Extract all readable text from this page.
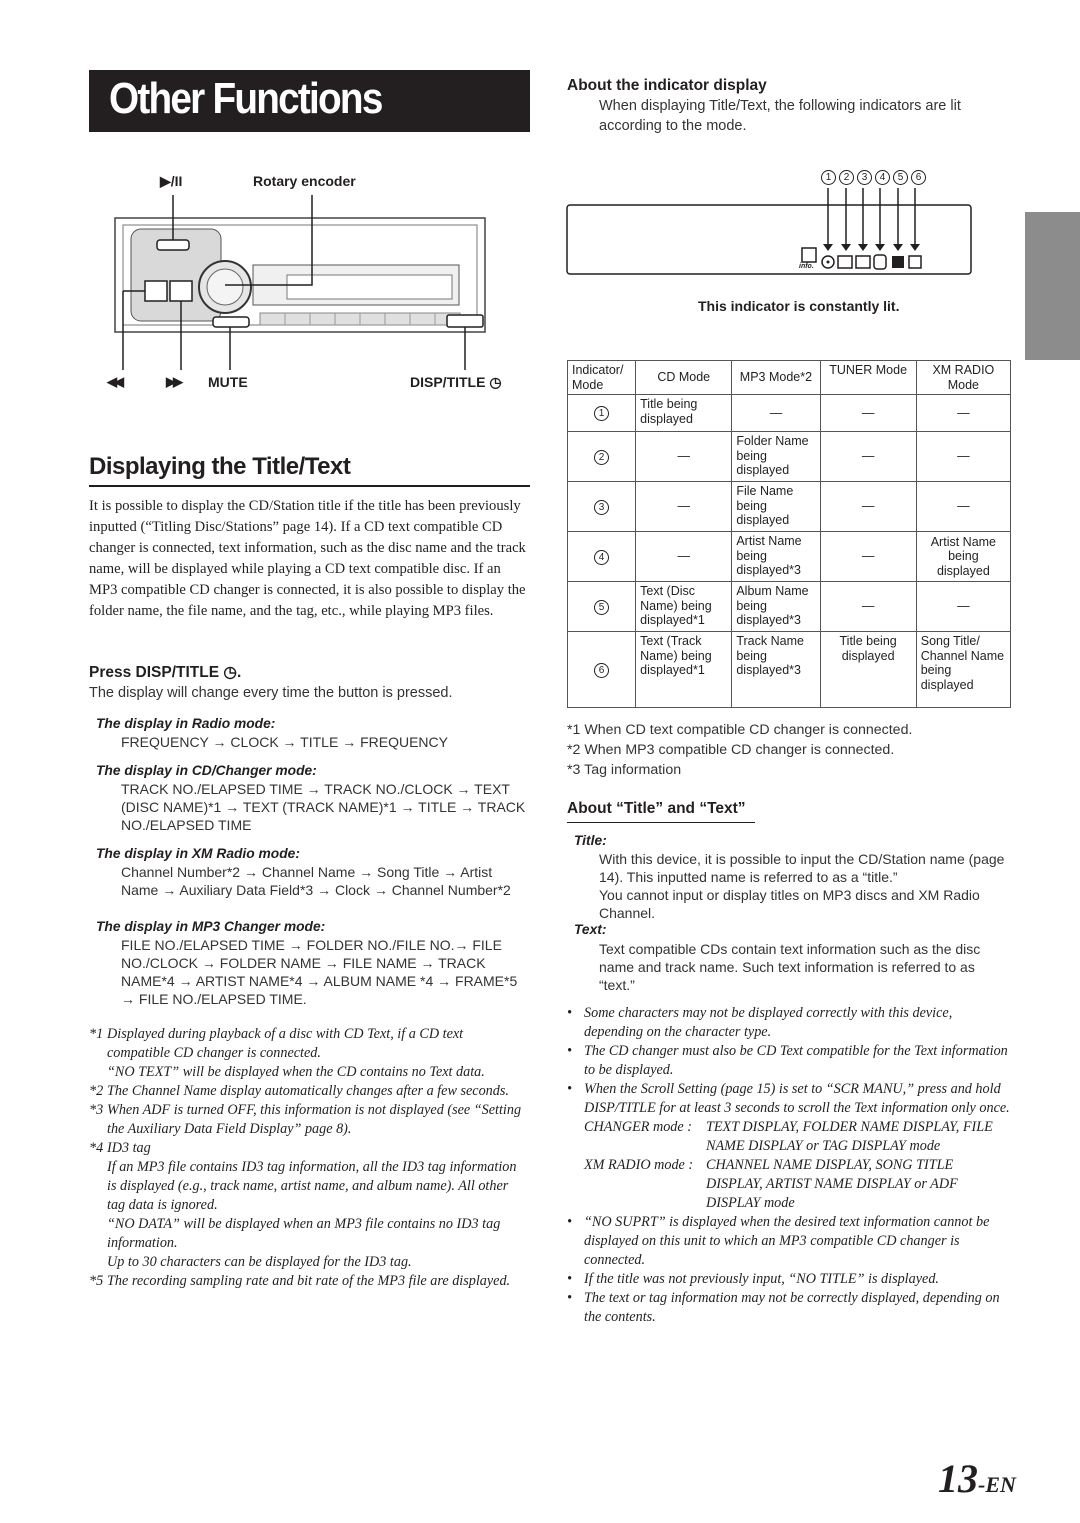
Other Functions
▶/II	Rotary encoder
◀◀	▶▶ MUTE	DISP/TITLE ◷
Displaying the Title/Text
It is possible to display the CD/Station title if the title has been previously inputted (“Titling Disc/Stations” page 14). If a CD text compatible CD changer is connected, text information, such as the disc name and the track name, will be displayed while playing a CD text compatible disc. If an MP3 compatible CD changer is connected, it is also possible to display the folder name, the file name, and the tag, etc., while playing MP3 files.
Press DISP/TITLE ◷.
The display will change every time the button is pressed.
The display in Radio mode:
FREQUENCY → CLOCK → TITLE → FREQUENCY
The display in CD/Changer mode:
TRACK NO./ELAPSED TIME → TRACK NO./CLOCK → TEXT (DISC NAME)*1 → TEXT (TRACK NAME)*1 → TITLE → TRACK NO./ELAPSED TIME
The display in XM Radio mode:
Channel Number*2 → Channel Name → Song Title → Artist Name → Auxiliary Data Field*3 → Clock → Channel Number*2
The display in MP3 Changer mode:
FILE NO./ELAPSED TIME → FOLDER NO./FILE NO.→ FILE NO./CLOCK → FOLDER NAME → FILE NAME → TRACK NAME*4 → ARTIST NAME*4 → ALBUM NAME *4 → FRAME*5 → FILE NO./ELAPSED TIME.
*1 Displayed during playback of a disc with CD Text, if a CD text compatible CD changer is connected.
“NO TEXT” will be displayed when the CD contains no Text data.
*2 The Channel Name display automatically changes after a few seconds.
*3 When ADF is turned OFF, this information is not displayed (see “Setting the Auxiliary Data Field Display” page 8).
*4 ID3 tag
If an MP3 file contains ID3 tag information, all the ID3 tag information is displayed (e.g., track name, artist name, and album name). All other tag data is ignored.
“NO DATA” will be displayed when an MP3 file contains no ID3 tag information.
Up to 30 characters can be displayed for the ID3 tag.
*5 The recording sampling rate and bit rate of the MP3 file are displayed.
About the indicator display
When displaying Title/Text, the following indicators are lit according to the mode.
1	2	3	4	5	6
info.
This indicator is constantly lit.
Indicator/ Mode	CD Mode	MP3 Mode*2	TUNER Mode	XM RADIO Mode
1	Title being displayed	—	—	—
2	—	Folder Name being displayed	—	—
3	—	File Name being displayed	—	—
4	—	Artist Name being displayed*3	—	Artist Name being displayed
5	Text (Disc Name) being displayed*1	Album Name being displayed*3	—	—
6	Text (Track Name) being displayed*1	Track Name being displayed*3	Title being displayed	Song Title/ Channel Name being displayed
*1 When CD text compatible CD changer is connected.
*2 When MP3 compatible CD changer is connected.
*3 Tag information
About “Title” and “Text”
Title:
With this device, it is possible to input the CD/Station name (page 14). This inputted name is referred to as a “title.”
You cannot input or display titles on MP3 discs and XM Radio Channel.
Text:
Text compatible CDs contain text information such as the disc name and track name. Such text information is referred to as “text.”
• Some characters may not be displayed correctly with this device, depending on the character type.
• The CD changer must also be CD Text compatible for the Text information to be displayed.
• When the Scroll Setting (page 15) is set to “SCR MANU,” press and hold DISP/TITLE for at least 3 seconds to scroll the Text information only once.
CHANGER mode : TEXT DISPLAY, FOLDER NAME DISPLAY, FILE NAME DISPLAY or TAG DISPLAY mode
XM RADIO mode : CHANNEL NAME DISPLAY, SONG TITLE DISPLAY, ARTIST NAME DISPLAY or ADF DISPLAY mode
• “NO SUPRT” is displayed when the desired text information cannot be displayed on this unit to which an MP3 compatible CD changer is connected.
• If the title was not previously input, “NO TITLE” is displayed.
• The text or tag information may not be correctly displayed, depending on the contents.
13-EN
